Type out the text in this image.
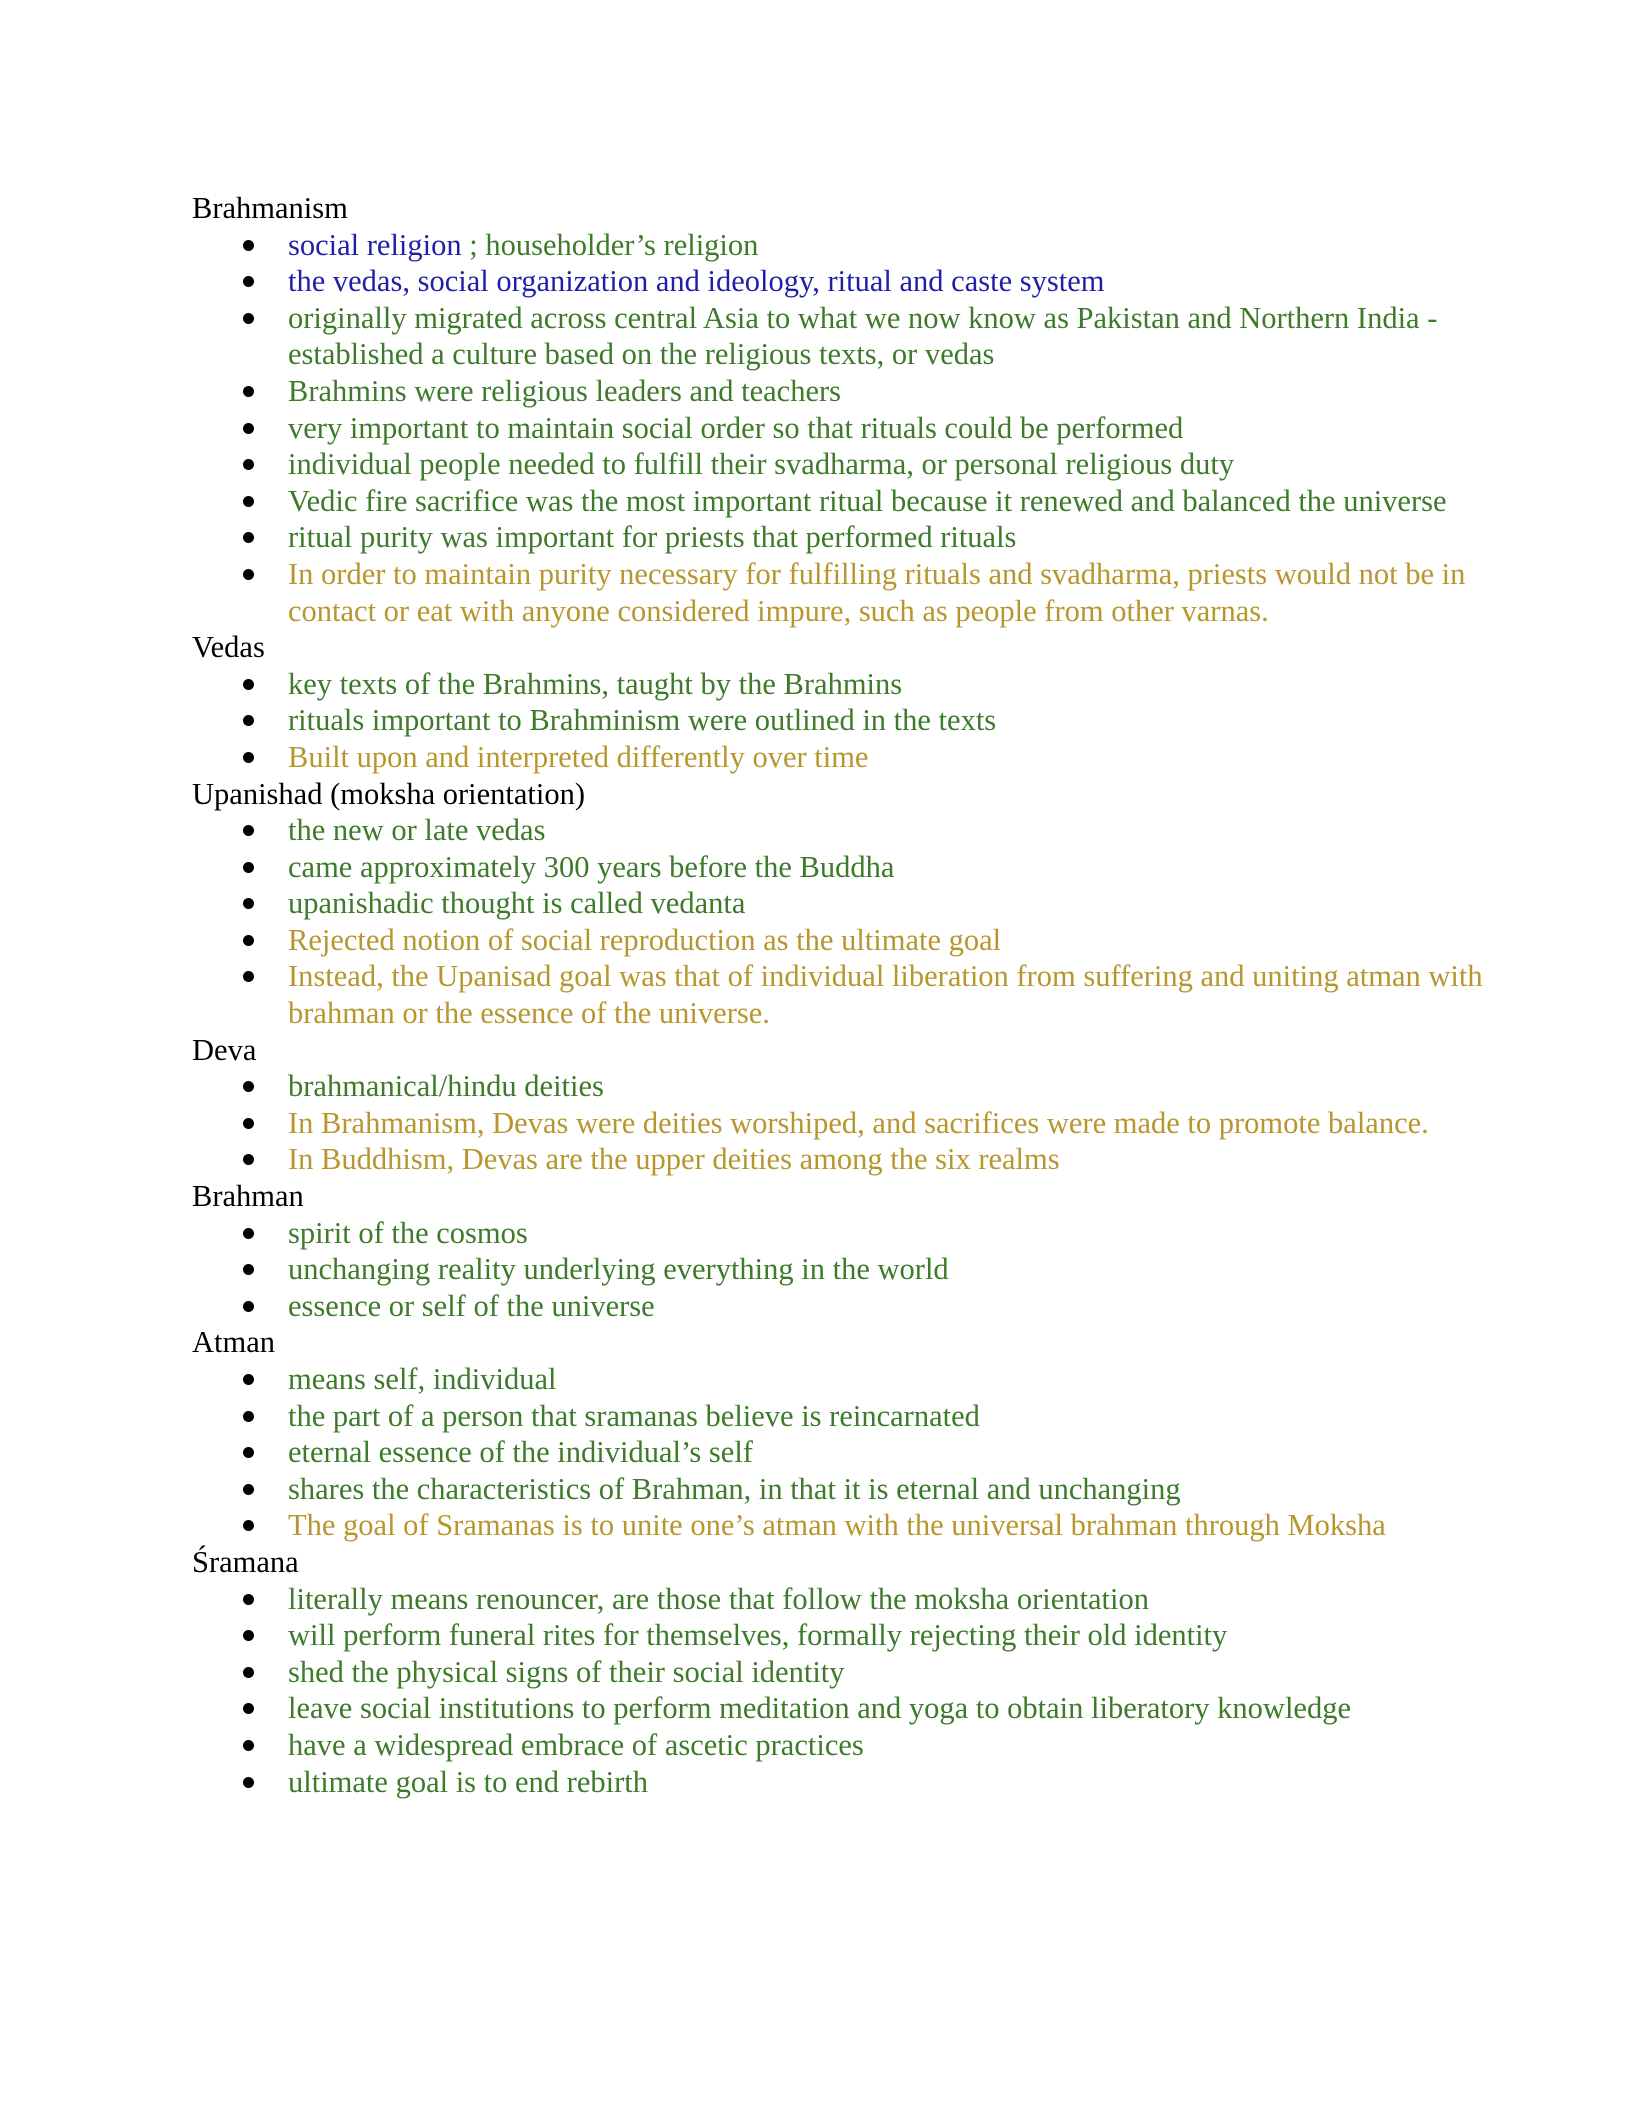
Brahmanism
social religion ; householder’s religion
the vedas, social organization and ideology, ritual and caste system
originally migrated across central Asia to what we now know as Pakistan and Northern India - established a culture based on the religious texts, or vedas
Brahmins were religious leaders and teachers
very important to maintain social order so that rituals could be performed
individual people needed to fulfill their svadharma, or personal religious duty
Vedic fire sacrifice was the most important ritual because it renewed and balanced the universe
ritual purity was important for priests that performed rituals
In order to maintain purity necessary for fulfilling rituals and svadharma, priests would not be in contact or eat with anyone considered impure, such as people from other varnas.
Vedas
key texts of the Brahmins, taught by the Brahmins
rituals important to Brahminism were outlined in the texts
Built upon and interpreted differently over time
Upanishad (moksha orientation)
the new or late vedas
came approximately 300 years before the Buddha
upanishadic thought is called vedanta
Rejected notion of social reproduction as the ultimate goal
Instead, the Upanisad goal was that of individual liberation from suffering and uniting atman with brahman or the essence of the universe.
Deva
brahmanical/hindu deities
In Brahmanism, Devas were deities worshiped, and sacrifices were made to promote balance.
In Buddhism, Devas are the upper deities among the six realms
Brahman
spirit of the cosmos
unchanging reality underlying everything in the world
essence or self of the universe
Atman
means self, individual
the part of a person that sramanas believe is reincarnated
eternal essence of the individual’s self
shares the characteristics of Brahman, in that it is eternal and unchanging
The goal of Sramanas is to unite one’s atman with the universal brahman through Moksha
Śramana
literally means renouncer, are those that follow the moksha orientation
will perform funeral rites for themselves, formally rejecting their old identity
shed the physical signs of their social identity
leave social institutions to perform meditation and yoga to obtain liberatory knowledge
have a widespread embrace of ascetic practices
ultimate goal is to end rebirth
